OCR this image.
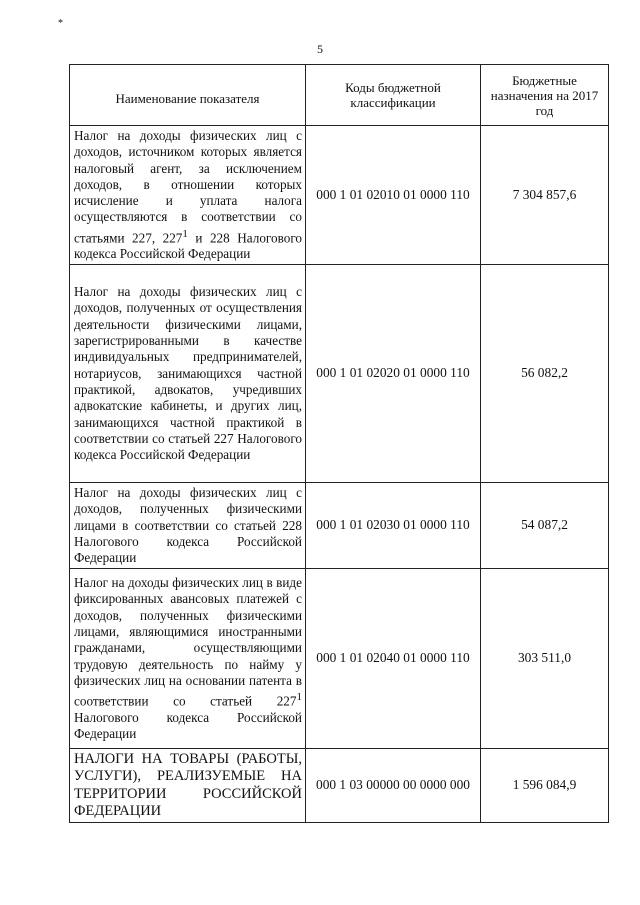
*
5
Наименование показателя	Коды бюджетной классификации	Бюджетные назначения на 2017 год
Налог на доходы физических лиц с доходов, источником которых является налоговый агент, за исключением доходов, в отношении которых исчисление и уплата налога осуществляются в соответствии со статьями 227, $227^1$ и 228 Налогового кодекса Российской Федерации	000 1 01 02010 01 0000 110	7 304 857,6
Налог на доходы физических лиц с доходов, полученных от осуществления деятельности физическими лицами, зарегистрированными в качестве индивидуальных предпринимателей, нотариусов, занимающихся частной практикой, адвокатов, учредивших адвокатские кабинеты, и других лиц, занимающихся частной практикой в соответствии со статьей 227 Налогового кодекса Российской Федерации	000 1 01 02020 01 0000 110	56 082,2
Налог на доходы физических лиц с доходов, полученных физическими лицами в соответствии со статьей 228 Налогового кодекса Российской Федерации	000 1 01 02030 01 0000 110	54 087,2
Налог на доходы физических лиц в виде фиксированных авансовых платежей с доходов, полученных физическими лицами, являющимися иностранными гражданами, осуществляющими трудовую деятельность по найму у физических лиц на основании патента в соответствии со статьей $227^1$ Налогового кодекса Российской Федерации	000 1 01 02040 01 0000 110	303 511,0
НАЛОГИ НА ТОВАРЫ (РАБОТЫ, УСЛУГИ), РЕАЛИЗУЕМЫЕ НА ТЕРРИТОРИИ РОССИЙСКОЙ ФЕДЕРАЦИИ	000 1 03 00000 00 0000 000	1 596 084,9
